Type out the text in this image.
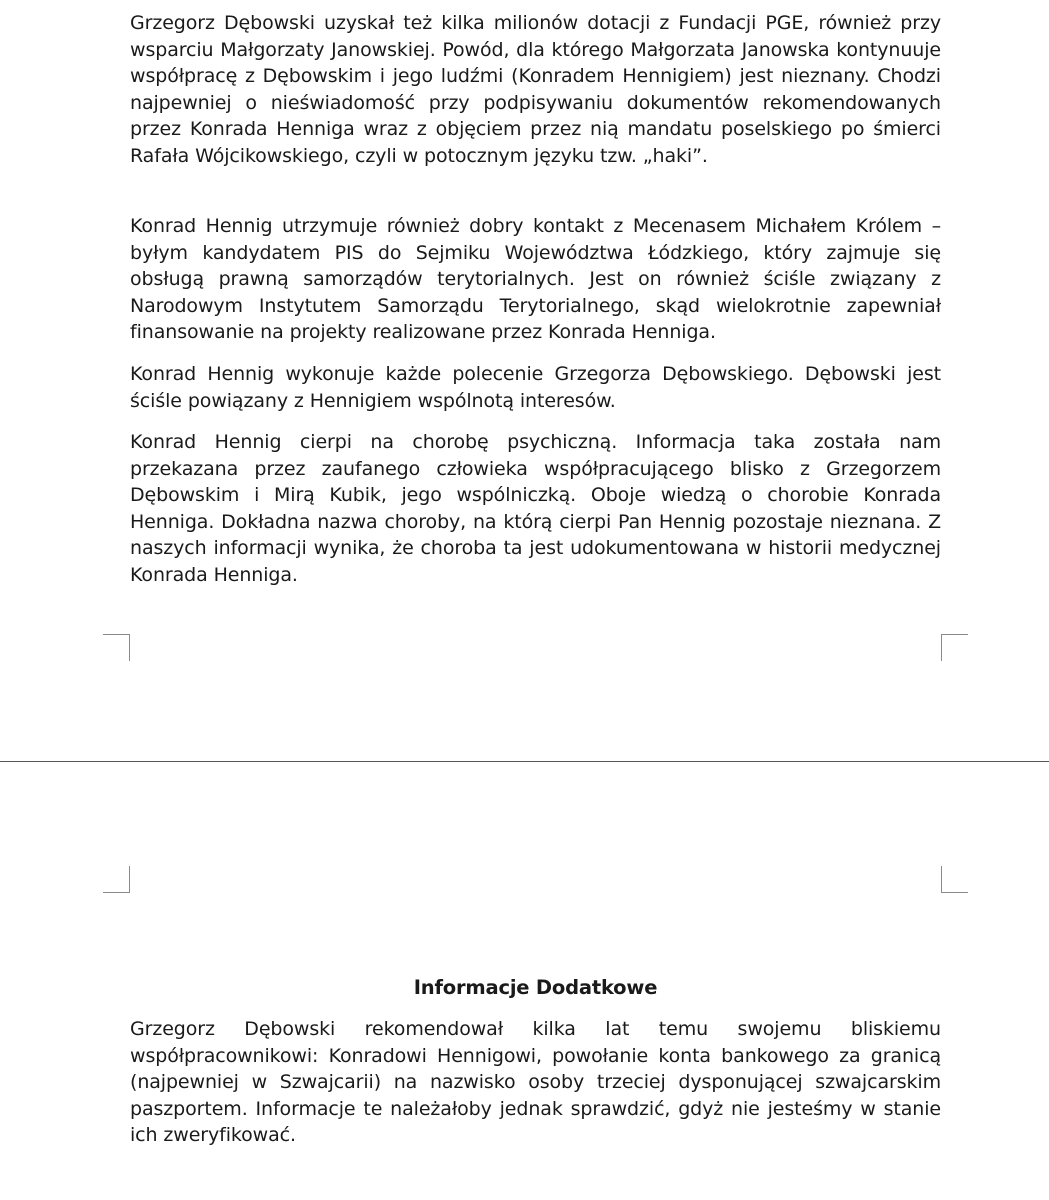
Grzegorz Dębowski uzyskał też kilka milionów dotacji z Fundacji PGE, również przy wsparciu Małgorzaty Janowskiej. Powód, dla którego Małgorzata Janowska kontynuuje współpracę z Dębowskim i jego ludźmi (Konradem Hennigiem) jest nieznany. Chodzi najpewniej o nieświadomość przy podpisywaniu dokumentów rekomendowanych przez Konrada Henniga wraz z objęciem przez nią mandatu poselskiego po śmierci Rafała Wójcikowskiego, czyli w potocznym języku tzw. „haki”.

Konrad Hennig utrzymuje również dobry kontakt z Mecenasem Michałem Królem – byłym kandydatem PIS do Sejmiku Województwa Łódzkiego, który zajmuje się obsługą prawną samorządów terytorialnych. Jest on również ściśle związany z Narodowym Instytutem Samorządu Terytorialnego, skąd wielokrotnie zapewniał finansowanie na projekty realizowane przez Konrada Henniga.

Konrad Hennig wykonuje każde polecenie Grzegorza Dębowskiego. Dębowski jest ściśle powiązany z Hennigiem wspólnotą interesów.

Konrad Hennig cierpi na chorobę psychiczną. Informacja taka została nam przekazana przez zaufanego człowieka współpracującego blisko z Grzegorzem Dębowskim i Mirą Kubik, jego wspólniczką. Oboje wiedzą o chorobie Konrada Henniga. Dokładna nazwa choroby, na którą cierpi Pan Hennig pozostaje nieznana. Z naszych informacji wynika, że choroba ta jest udokumentowana w historii medycznej Konrada Henniga.

Informacje Dodatkowe

Grzegorz Dębowski rekomendował kilka lat temu swojemu bliskiemu współpracownikowi: Konradowi Hennigowi, powołanie konta bankowego za granicą (najpewniej w Szwajcarii) na nazwisko osoby trzeciej dysponującej szwajcarskim paszportem. Informacje te należałoby jednak sprawdzić, gdyż nie jesteśmy w stanie ich zweryfikować.
